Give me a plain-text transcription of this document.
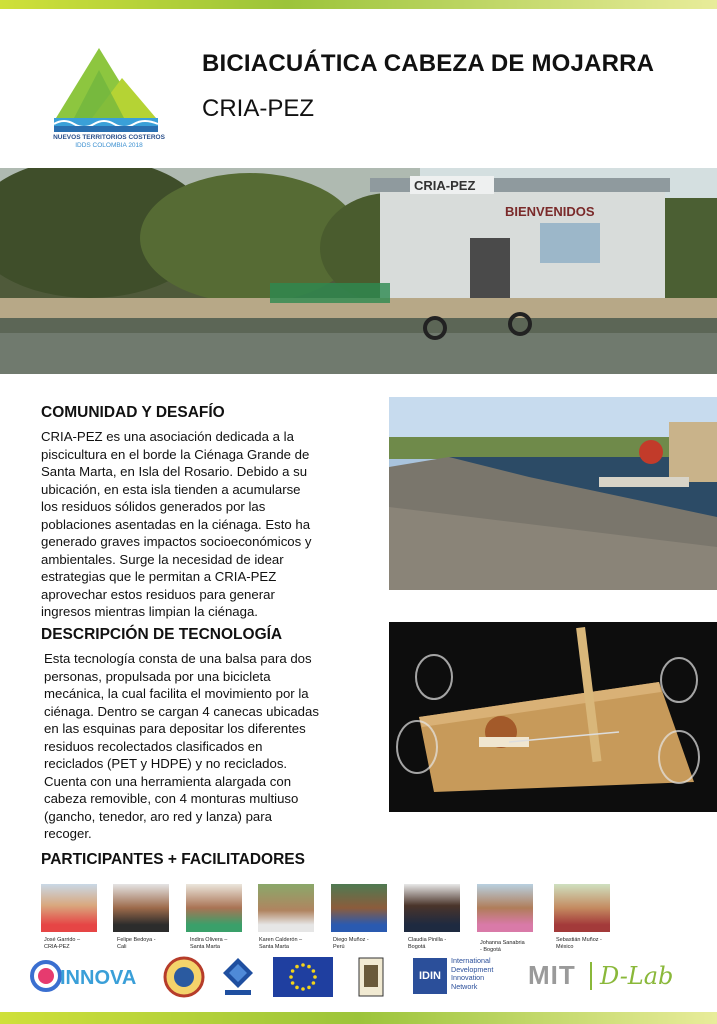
NUEVOS TERRITORIOS COSTEROS
IDDS COLOMBIA 2018
BICIACUÁTICA CABEZA DE MOJARRA
CRIA-PEZ
CRIA-PEZ
BIENVENIDOS
COMUNIDAD Y DESAFÍO
CRIA-PEZ es una asociación dedicada a la
piscicultura en el borde la Ciénaga Grande de
Santa Marta, en Isla del Rosario. Debido a su
ubicación, en esta isla tienden a acumularse
los residuos sólidos generados por las
poblaciones asentadas en la ciénaga. Esto ha
generado graves impactos socioeconómicos y
ambientales. Surge la necesidad de idear
estrategias que le permitan a CRIA-PEZ
aprovechar estos residuos para generar
ingresos mientras limpian la ciénaga.
DESCRIPCIÓN DE TECNOLOGÍA
Esta tecnología consta de una balsa para dos
personas, propulsada por una bicicleta
mecánica, la cual facilita el movimiento por la
ciénaga. Dentro se cargan 4 canecas ubicadas
en las esquinas para depositar los diferentes
residuos recolectados clasificados en
reciclados (PET y HDPE) y no reciclados.
Cuenta con una herramienta alargada con
cabeza removible, con 4 monturas multiuso
(gancho, tenedor, aro red y lanza) para
recoger.
PARTICIPANTES + FACILITADORES
José Garrido –
CRIA-PEZ
Felipe Bedoya -
Cali
Indira Olivera –
Santa Marta
Karen Calderón –
Santa Marta
Diego Muñoz -
Perú
Claudia Pinilla -
Bogotá
Johanna Sanabria
- Bogotá
Sebastián Muñoz -
México
INNOVA	IDIN
International
Development
Innovation
Network	MIT D-Lab
